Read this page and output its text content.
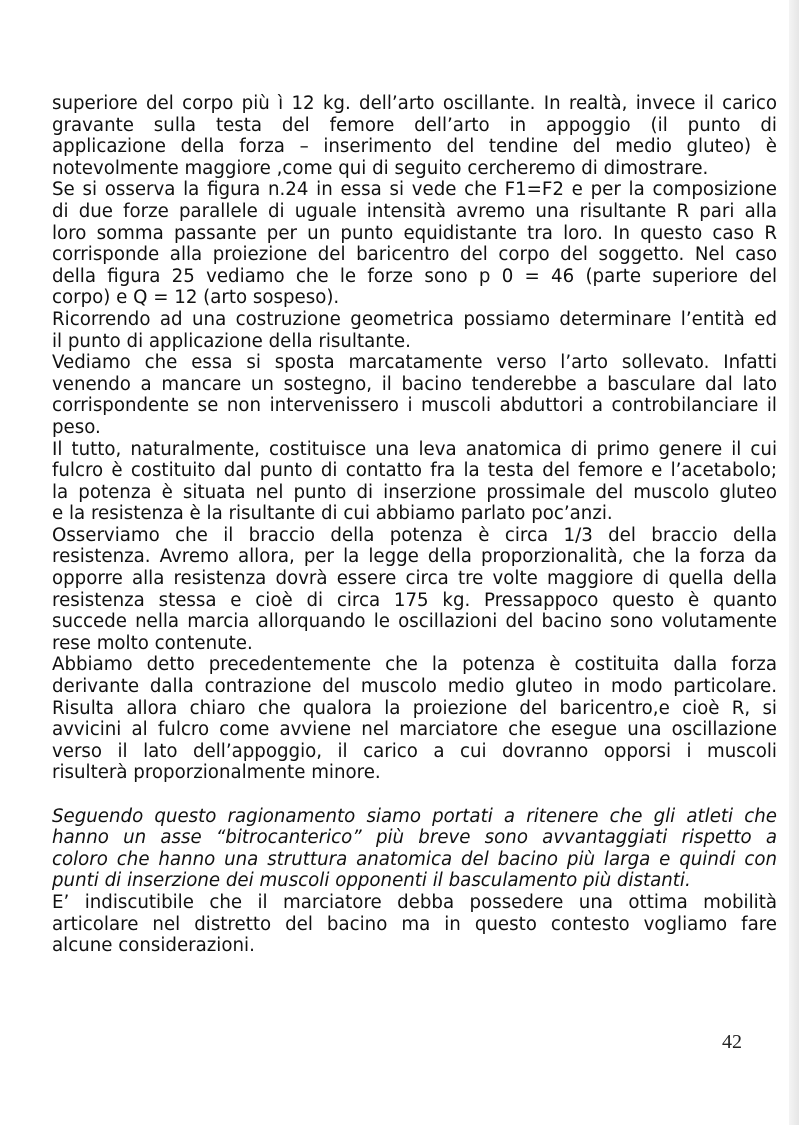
superiore del corpo più ì 12 kg. dell’arto oscillante. In realtà, invece il carico
gravante sulla testa del femore dell’arto in appoggio (il punto di
applicazione della forza – inserimento del tendine del medio gluteo) è
notevolmente maggiore ,come qui di seguito cercheremo di dimostrare.
Se si osserva la figura n.24 in essa si vede che F1=F2 e per la composizione
di due forze parallele di uguale intensità avremo una risultante R pari alla
loro somma passante per un punto equidistante tra loro. In questo caso R
corrisponde alla proiezione del baricentro del corpo del soggetto. Nel caso
della figura 25 vediamo che le forze sono p 0 = 46 (parte superiore del
corpo) e Q = 12 (arto sospeso).
Ricorrendo ad una costruzione geometrica possiamo determinare l’entità ed
il punto di applicazione della risultante.
Vediamo che essa si sposta marcatamente verso l’arto sollevato. Infatti
venendo a mancare un sostegno, il bacino tenderebbe a basculare dal lato
corrispondente se non intervenissero i muscoli abduttori a controbilanciare il
peso.
Il tutto, naturalmente, costituisce una leva anatomica di primo genere il cui
fulcro è costituito dal punto di contatto fra la testa del femore e l’acetabolo;
la potenza è situata nel punto di inserzione prossimale del muscolo gluteo
e la resistenza è la risultante di cui abbiamo parlato poc’anzi.
Osserviamo che il braccio della potenza è circa 1/3 del braccio della
resistenza. Avremo allora, per la legge della proporzionalità, che la forza da
opporre alla resistenza dovrà essere circa tre volte maggiore di quella della
resistenza stessa e cioè di circa 175 kg. Pressappoco questo è quanto
succede nella marcia allorquando le oscillazioni del bacino sono volutamente
rese molto contenute.
Abbiamo detto precedentemente che la potenza è costituita dalla forza
derivante dalla contrazione del muscolo medio gluteo in modo particolare.
Risulta allora chiaro che qualora la proiezione del baricentro,e cioè R, si
avvicini al fulcro come avviene nel marciatore che esegue una oscillazione
verso il lato dell’appoggio, il carico a cui dovranno opporsi i muscoli
risulterà proporzionalmente minore.
Seguendo questo ragionamento siamo portati a ritenere che gli atleti che
hanno un asse “bitrocanterico” più breve sono avvantaggiati rispetto a
coloro che hanno una struttura anatomica del bacino più larga e quindi con
punti di inserzione dei muscoli opponenti il basculamento più distanti.
E’ indiscutibile che il marciatore debba possedere una ottima mobilità
articolare nel distretto del bacino ma in questo contesto vogliamo fare
alcune considerazioni.
42
